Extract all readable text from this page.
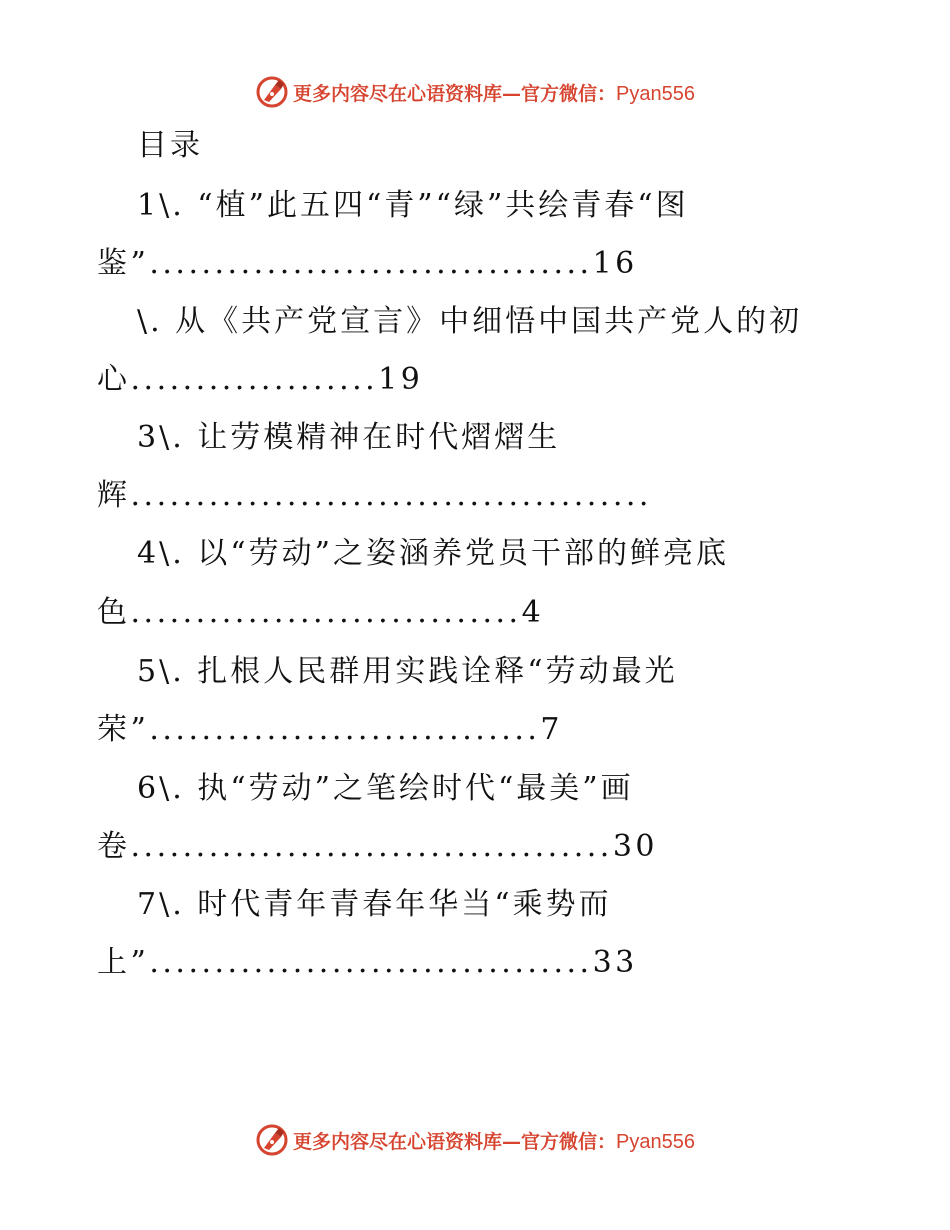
更多内容尽在心语资料库—官方微信：Pyan556
目录
1\. “植”此五四“青”“绿”共绘青春“图
鉴”..................................16
\. 从《共产党宣言》中细悟中国共产党人的初
心...................19
3\. 让劳模精神在时代熠熠生
辉........................................
4\. 以“劳动”之姿涵养党员干部的鲜亮底
色..............................4
5\. 扎根人民群用实践诠释“劳动最光
荣”..............................7
6\. 执“劳动”之笔绘时代“最美”画
卷.....................................30
7\. 时代青年青春年华当“乘势而
上”..................................33
更多内容尽在心语资料库—官方微信：Pyan556
